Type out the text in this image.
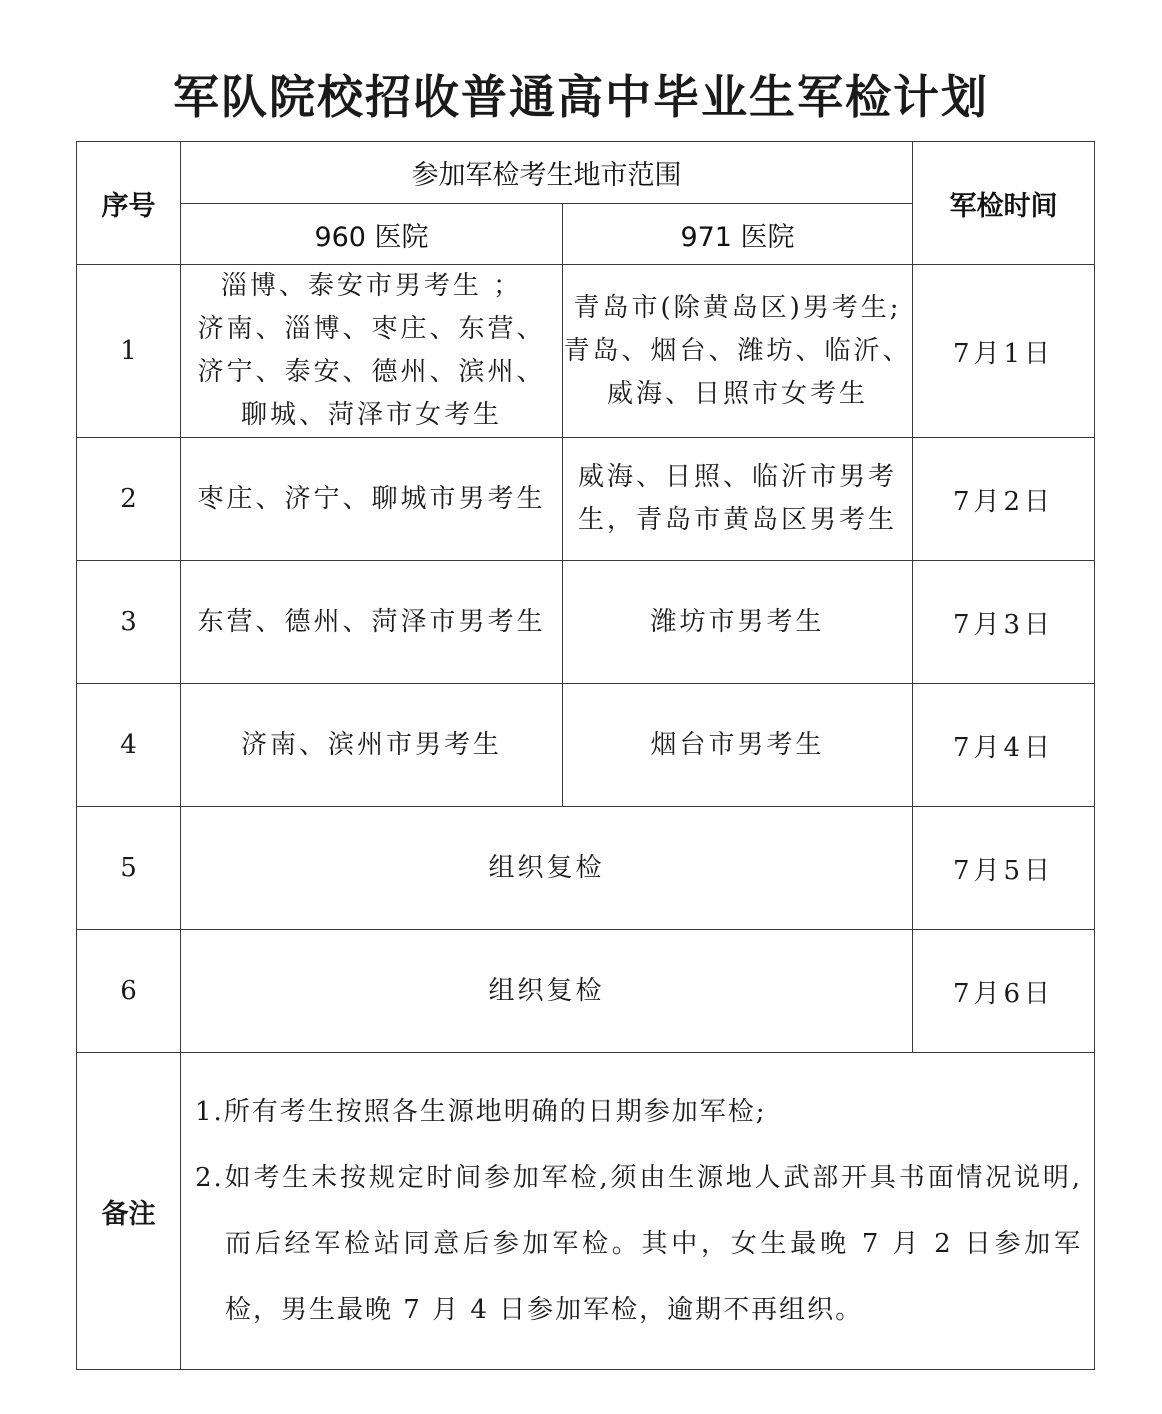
军队院校招收普通高中毕业生军检计划
序号	参加军检考生地市范围		军检时间
	960 医院	971 医院	
1	淄博、泰安市男考生 ；
济南、淄博、枣庄、东营、
济宁、泰安、德州、滨州、
聊城、菏泽市女考生	青岛市(除黄岛区)男考生;
青岛、烟台、潍坊、临沂、
威海、日照市女考生	7月1日
2	枣庄、济宁、聊城市男考生	威海、日照、临沂市男考
生，青岛市黄岛区男考生	7月2日
3	东营、德州、菏泽市男考生	潍坊市男考生	7月3日
4	济南、滨州市男考生	烟台市男考生	7月4日
5	组织复检		7月5日
6	组织复检		7月6日
备注	1.所有考生按照各生源地明确的日期参加军检;
2.如考生未按规定时间参加军检,须由生源地人武部开具书面情况说明,而后经军检站同意后参加军检。其中，女生最晚 7 月 2 日参加军检，男生最晚 7 月 4 日参加军检，逾期不再组织。		
